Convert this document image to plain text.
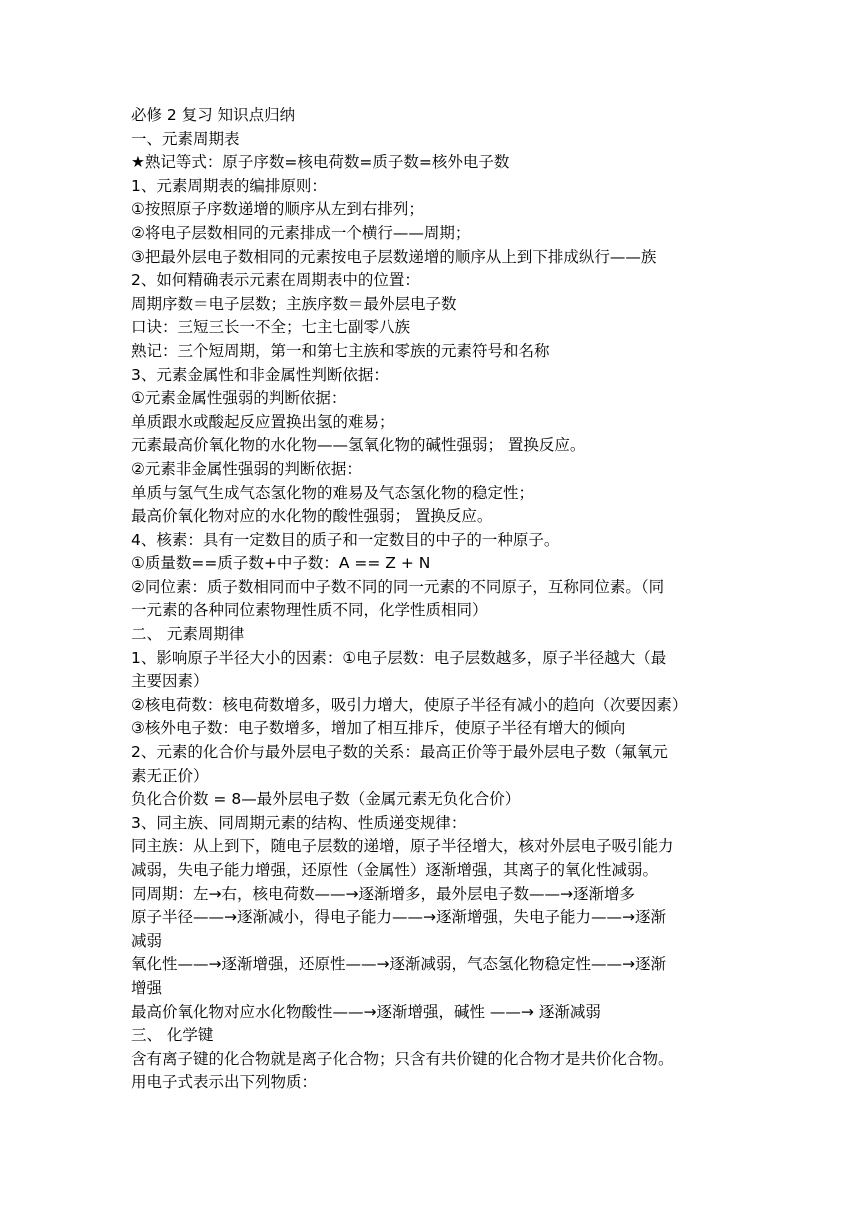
必修 2 复习 知识点归纳
一、元素周期表
★熟记等式：原子序数=核电荷数=质子数=核外电子数
1、元素周期表的编排原则：
①按照原子序数递增的顺序从左到右排列；
②将电子层数相同的元素排成一个横行——周期；
③把最外层电子数相同的元素按电子层数递增的顺序从上到下排成纵行——族
2、如何精确表示元素在周期表中的位置：
周期序数＝电子层数；主族序数＝最外层电子数
口诀：三短三长一不全；七主七副零八族
熟记：三个短周期，第一和第七主族和零族的元素符号和名称
3、元素金属性和非金属性判断依据：
①元素金属性强弱的判断依据：
单质跟水或酸起反应置换出氢的难易；
元素最高价氧化物的水化物——氢氧化物的碱性强弱； 置换反应。
②元素非金属性强弱的判断依据：
单质与氢气生成气态氢化物的难易及气态氢化物的稳定性；
最高价氧化物对应的水化物的酸性强弱； 置换反应。
4、核素：具有一定数目的质子和一定数目的中子的一种原子。
①质量数==质子数+中子数：A == Z + N
②同位素：质子数相同而中子数不同的同一元素的不同原子，互称同位素。（同
一元素的各种同位素物理性质不同，化学性质相同）
二、 元素周期律
1、影响原子半径大小的因素：①电子层数：电子层数越多，原子半径越大（最
主要因素）
②核电荷数：核电荷数增多，吸引力增大，使原子半径有减小的趋向（次要因素）
③核外电子数：电子数增多，增加了相互排斥，使原子半径有增大的倾向
2、元素的化合价与最外层电子数的关系：最高正价等于最外层电子数（氟氧元
素无正价）
负化合价数 = 8—最外层电子数（金属元素无负化合价）
3、同主族、同周期元素的结构、性质递变规律：
同主族：从上到下，随电子层数的递增，原子半径增大，核对外层电子吸引能力
减弱，失电子能力增强，还原性（金属性）逐渐增强，其离子的氧化性减弱。
同周期：左→右，核电荷数——→逐渐增多，最外层电子数——→逐渐增多
原子半径——→逐渐减小，得电子能力——→逐渐增强，失电子能力——→逐渐
减弱
氧化性——→逐渐增强，还原性——→逐渐减弱，气态氢化物稳定性——→逐渐
增强
最高价氧化物对应水化物酸性——→逐渐增强，碱性 ——→ 逐渐减弱
三、 化学键
含有离子键的化合物就是离子化合物；只含有共价键的化合物才是共价化合物。
用电子式表示出下列物质：
